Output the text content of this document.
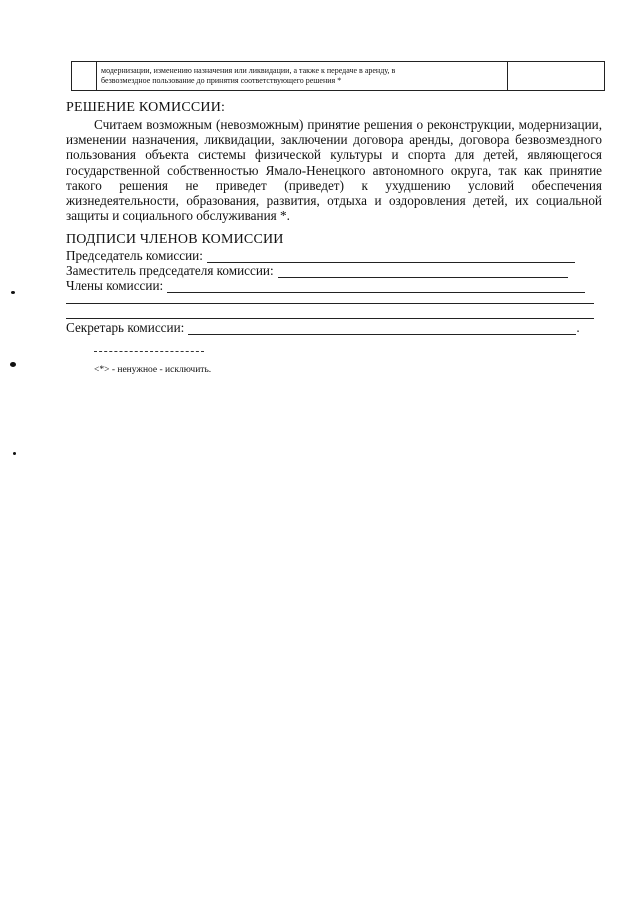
модернизации, изменению назначения или ликвидации, а также к передаче в аренду, в
безвозмездное пользование до принятия соответствующего решения *
РЕШЕНИЕ КОМИССИИ:
Считаем возможным (невозможным) принятие решения о реконструкции, модернизации, изменении назначения, ликвидации, заключении договора аренды, договора безвозмездного пользования объекта системы физической культуры и спорта для детей, являющегося государственной собственностью Ямало-Ненецкого автономного округа, так как принятие такого решения не приведет (приведет) к ухудшению условий обеспечения жизнедеятельности, образования, развития, отдыха и оздоровления детей, их социальной защиты и социального обслуживания *.
ПОДПИСИ ЧЛЕНОВ КОМИССИИ
Председатель комиссии:
Заместитель председателя комиссии:
Члены комиссии:
Секретарь комиссии:	.
<*> - ненужное - исключить.
